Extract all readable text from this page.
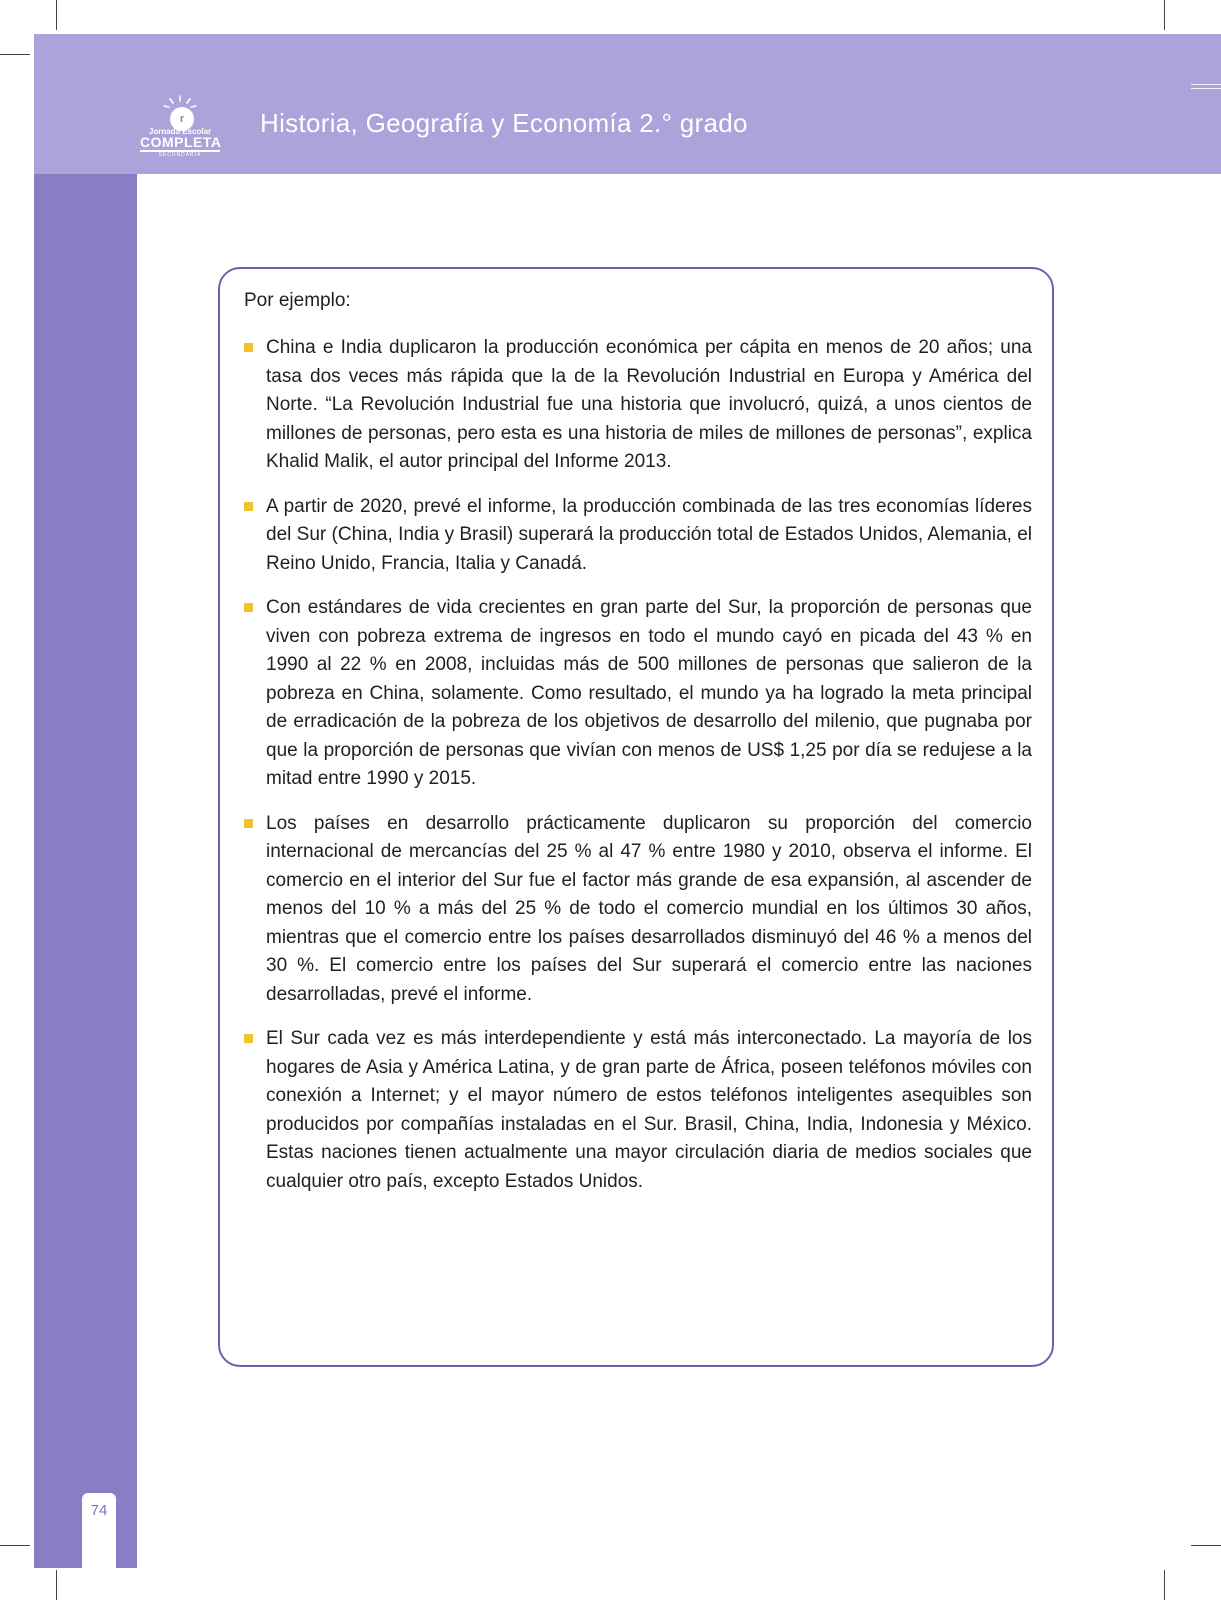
r
Jornada Escolar
COMPLETA
SECUNDARIA
Historia, Geografía y Economía 2.° grado
Por ejemplo:
China e India duplicaron la producción económica per cápita en menos de 20 años; una tasa dos veces más rápida que la de la Revolución Industrial en Europa y América del Norte. “La Revolución Industrial fue una historia que involucró, quizá, a unos cientos de millones de personas, pero esta es una historia de miles de millones de personas”, explica Khalid Malik, el autor principal del Informe 2013.
A partir de 2020, prevé el informe, la producción combinada de las tres economías líderes del Sur (China, India y Brasil) superará la producción total de Estados Unidos, Alemania, el Reino Unido, Francia, Italia y Canadá.
Con estándares de vida crecientes en gran parte del Sur, la proporción de personas que viven con pobreza extrema de ingresos en todo el mundo cayó en picada del 43 % en 1990 al 22 % en 2008, incluidas más de 500 millones de personas que salieron de la pobreza en China, solamente. Como resultado, el mundo ya ha logrado la meta principal de erradicación de la pobreza de los objetivos de desarrollo del milenio, que pugnaba por que la proporción de personas que vivían con menos de US$ 1,25 por día se redujese a la mitad entre 1990 y 2015.
Los países en desarrollo prácticamente duplicaron su proporción del comercio internacional de mercancías del 25 % al 47 % entre 1980 y 2010, observa el informe. El comercio en el interior del Sur fue el factor más grande de esa expansión, al ascender de menos del 10 % a más del 25 % de todo el comercio mundial en los últimos 30 años, mientras que el comercio entre los países desarrollados disminuyó del 46 % a menos del 30 %. El comercio entre los países del Sur superará el comercio entre las naciones desarrolladas, prevé el informe.
El Sur cada vez es más interdependiente y está más interconectado. La mayoría de los hogares de Asia y América Latina, y de gran parte de África, poseen teléfonos móviles con conexión a Internet; y el mayor número de estos teléfonos inteligentes asequibles son producidos por compañías instaladas en el Sur. Brasil, China, India, Indonesia y México. Estas naciones tienen actualmente una mayor circulación diaria de medios sociales que cualquier otro país, excepto Estados Unidos.
74
